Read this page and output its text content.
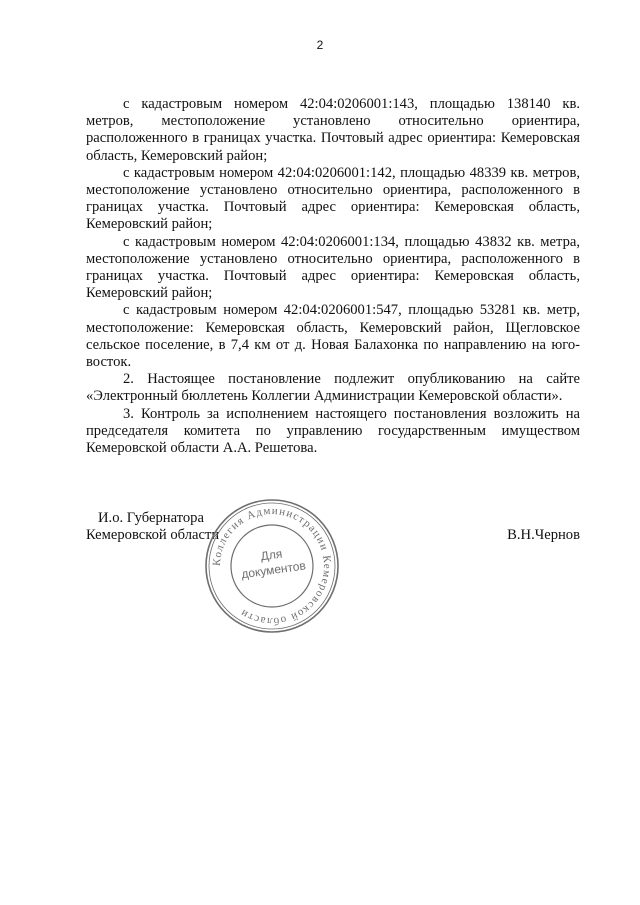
2

с кадастровым номером 42:04:0206001:143, площадью 138140 кв. метров, местоположение установлено относительно ориентира, расположенного в границах участка. Почтовый адрес ориентира: Кемеровская область, Кемеровский район;

с кадастровым номером 42:04:0206001:142, площадью 48339 кв. метров, местоположение установлено относительно ориентира, расположенного в границах участка. Почтовый адрес ориентира: Кемеровская область, Кемеровский район;

с кадастровым номером 42:04:0206001:134, площадью 43832 кв. метра, местоположение установлено относительно ориентира, расположенного в границах участка. Почтовый адрес ориентира: Кемеровская область, Кемеровский район;

с кадастровым номером 42:04:0206001:547, площадью 53281 кв. метр, местоположение: Кемеровская область, Кемеровский район, Щегловское сельское поселение, в 7,4 км от д. Новая Балахонка по направлению на юго-восток.

2. Настоящее постановление подлежит опубликованию на сайте «Электронный бюллетень Коллегии Администрации Кемеровской области».

3. Контроль за исполнением настоящего постановления возложить на председателя комитета по управлению государственным имуществом Кемеровской области А.А. Решетова.

И.о. Губернатора
Кемеровской области	В.Н.Чернов
Коллегия Администрации Кемеровской области
Для
документов
